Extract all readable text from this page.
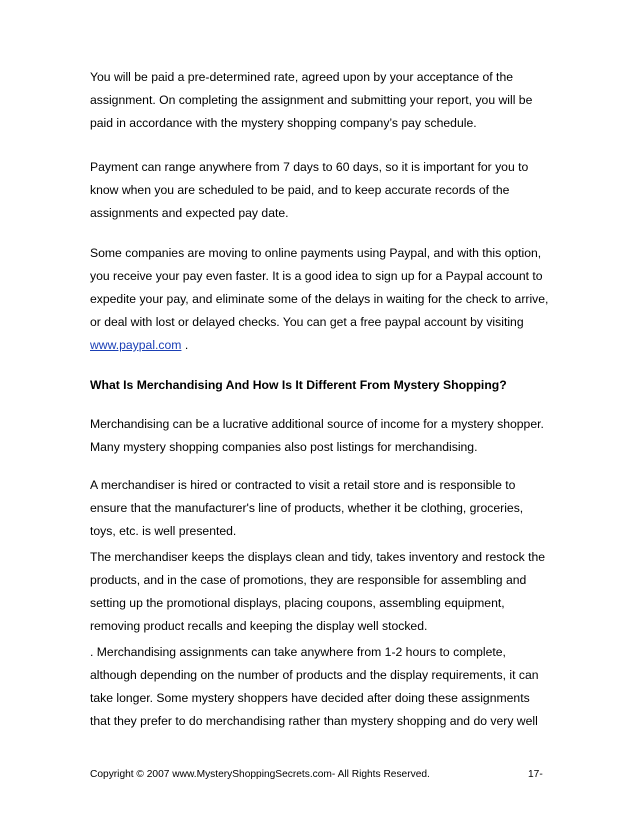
You will be paid a pre-determined rate, agreed upon by your acceptance of the
assignment. On completing the assignment and submitting your report, you will be
paid in accordance with the mystery shopping company’s pay schedule.
Payment can range anywhere from 7 days to 60 days, so it is important for you to
know when you are scheduled to be paid, and to keep accurate records of the
assignments and expected pay date.
Some companies are moving to online payments using Paypal, and with this option,
you receive your pay even faster. It is a good idea to sign up for a Paypal account to
expedite your pay, and eliminate some of the delays in waiting for the check to arrive,
or deal with lost or delayed checks. You can get a free paypal account by visiting
www.paypal.com .
What Is Merchandising And How Is It Different From Mystery Shopping?
Merchandising can be a lucrative additional source of income for a mystery shopper.
Many mystery shopping companies also post listings for merchandising.
A merchandiser is hired or contracted to visit a retail store and is responsible to
ensure that the manufacturer's line of products, whether it be clothing, groceries,
toys, etc. is well presented.
The merchandiser keeps the displays clean and tidy, takes inventory and restock the
products, and in the case of promotions, they are responsible for assembling and
setting up the promotional displays, placing coupons, assembling equipment,
removing product recalls and keeping the display well stocked.
. Merchandising assignments can take anywhere from 1-2 hours to complete,
although depending on the number of products and the display requirements, it can
take longer. Some mystery shoppers have decided after doing these assignments
that they prefer to do merchandising rather than mystery shopping and do very well
Copyright © 2007 www.MysteryShoppingSecrets.com- All Rights Reserved.	17-
